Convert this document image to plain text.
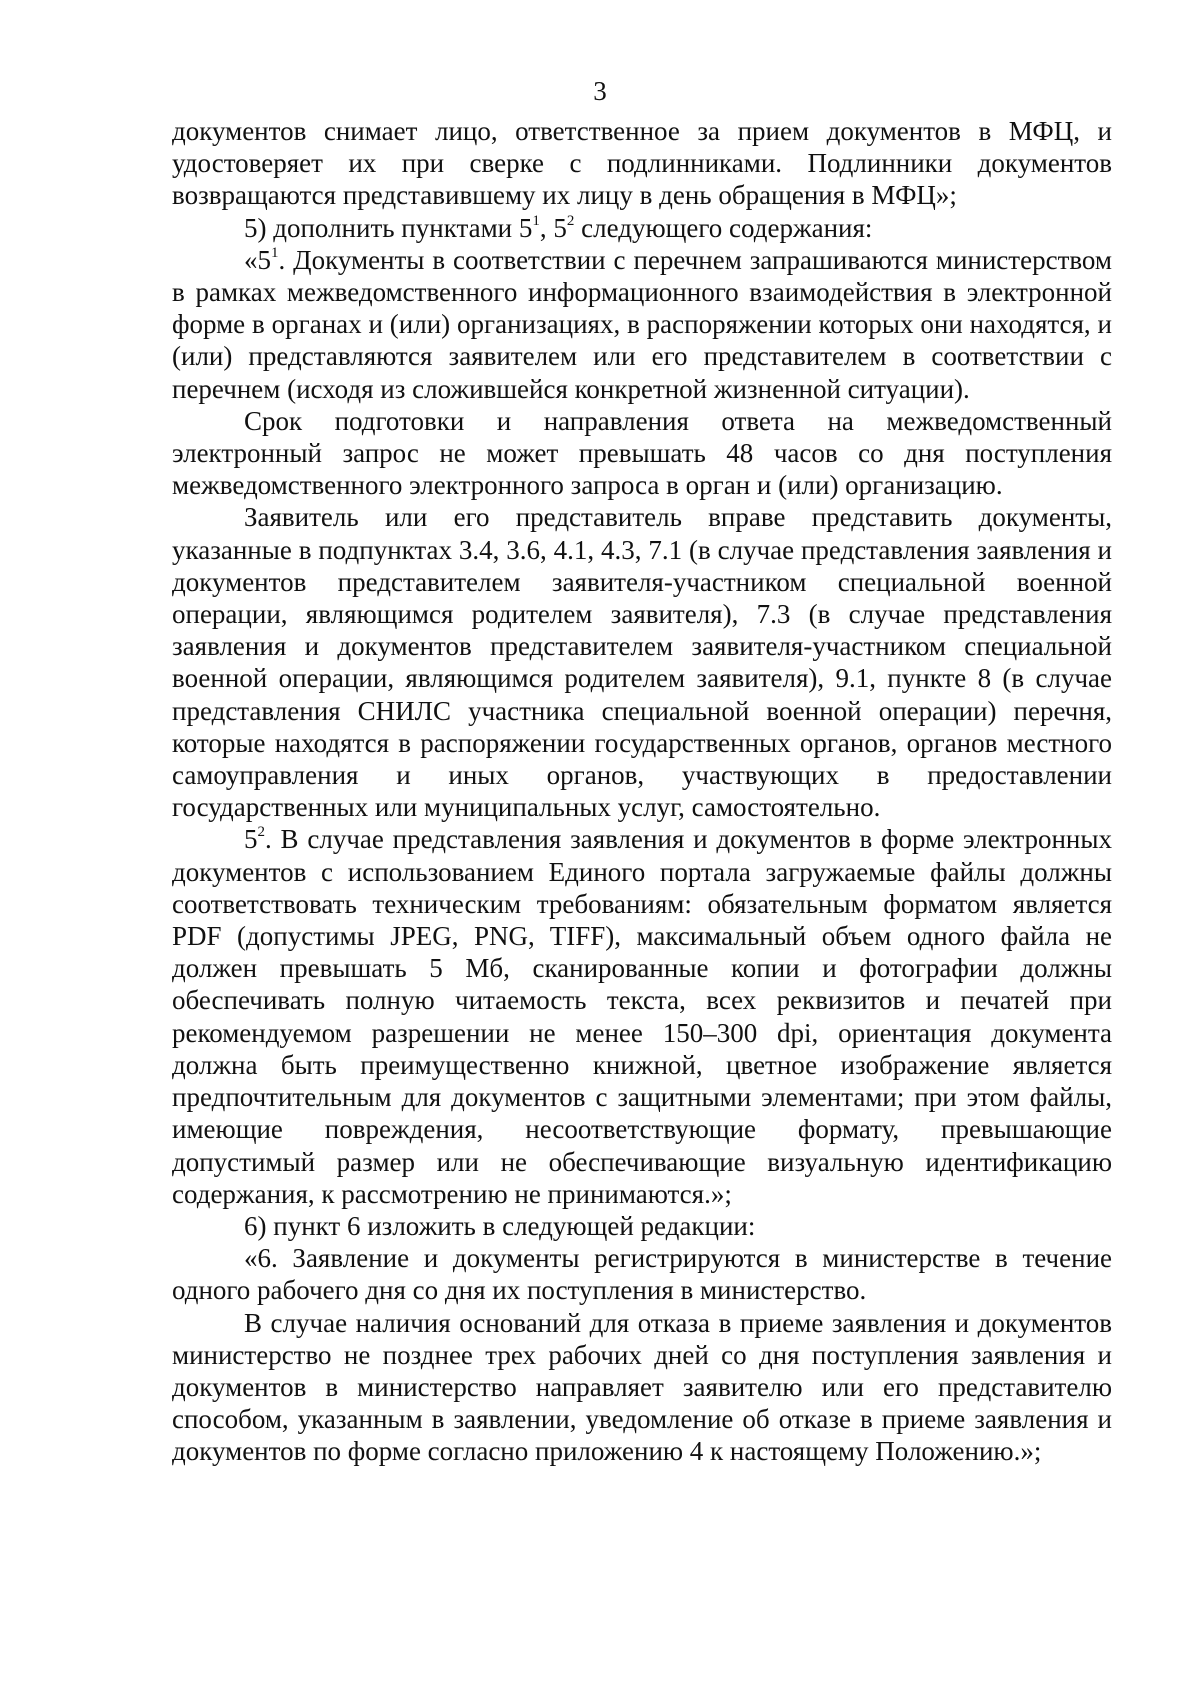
3

документов снимает лицо, ответственное за прием документов в МФЦ, и удостоверяет их при сверке с подлинниками. Подлинники документов возвращаются представившему их лицу в день обращения в МФЦ»;

5) дополнить пунктами $5^1$, $5^2$ следующего содержания:

«$5^1$. Документы в соответствии с перечнем запрашиваются министерством в рамках межведомственного информационного взаимодействия в электронной форме в органах и (или) организациях, в распоряжении которых они находятся, и (или) представляются заявителем или его представителем в соответствии с перечнем (исходя из сложившейся конкретной жизненной ситуации).

Срок подготовки и направления ответа на межведомственный электронный запрос не может превышать 48 часов со дня поступления межведомственного электронного запроса в орган и (или) организацию.

Заявитель или его представитель вправе представить документы, указанные в подпунктах 3.4, 3.6, 4.1, 4.3, 7.1 (в случае представления заявления и документов представителем заявителя-участником специальной военной операции, являющимся родителем заявителя), 7.3 (в случае представления заявления и документов представителем заявителя-участником специальной военной операции, являющимся родителем заявителя), 9.1, пункте 8 (в случае представления СНИЛС участника специальной военной операции) перечня, которые находятся в распоряжении государственных органов, органов местного самоуправления и иных органов, участвующих в предоставлении государственных или муниципальных услуг, самостоятельно.

$5^2$. В случае представления заявления и документов в форме электронных документов с использованием Единого портала загружаемые файлы должны соответствовать техническим требованиям: обязательным форматом является PDF (допустимы JPEG, PNG, TIFF), максимальный объем одного файла не должен превышать 5 Мб, сканированные копии и фотографии должны обеспечивать полную читаемость текста, всех реквизитов и печатей при рекомендуемом разрешении не менее 150–300 dpi, ориентация документа должна быть преимущественно книжной, цветное изображение является предпочтительным для документов с защитными элементами; при этом файлы, имеющие повреждения, несоответствующие формату, превышающие допустимый размер или не обеспечивающие визуальную идентификацию содержания, к рассмотрению не принимаются.»;

6) пункт 6 изложить в следующей редакции:

«6. Заявление и документы регистрируются в министерстве в течение одного рабочего дня со дня их поступления в министерство.

В случае наличия оснований для отказа в приеме заявления и документов министерство не позднее трех рабочих дней со дня поступления заявления и документов в министерство направляет заявителю или его представителю способом, указанным в заявлении, уведомление об отказе в приеме заявления и документов по форме согласно приложению 4 к настоящему Положению.»;
